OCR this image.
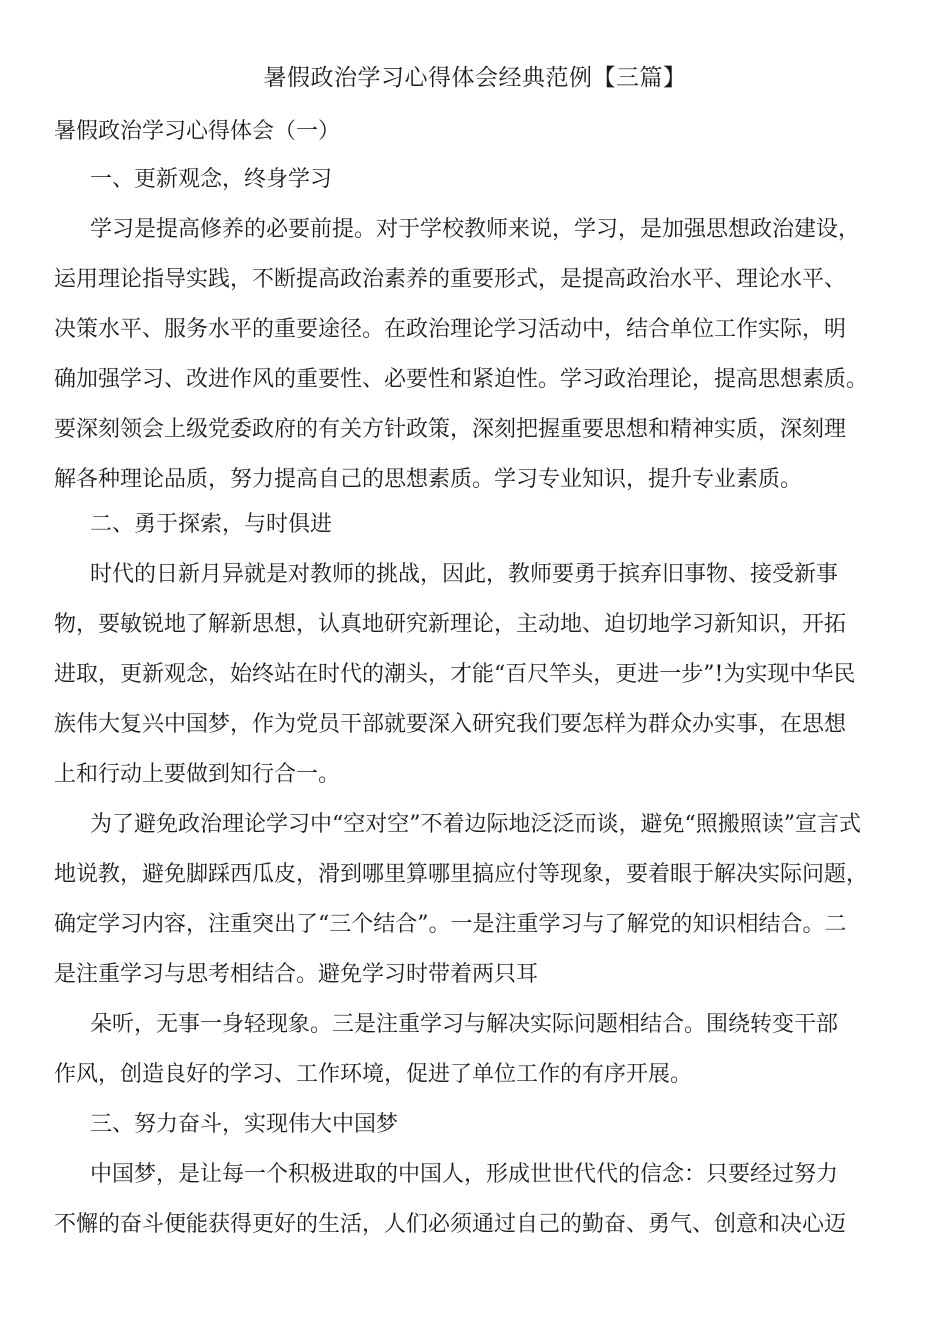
暑假政治学习心得体会经典范例【三篇】

暑假政治学习心得体会（一）

一、更新观念，终身学习

学习是提高修养的必要前提。对于学校教师来说，学习，是加强思想政治建设，
运用理论指导实践，不断提高政治素养的重要形式，是提高政治水平、理论水平、
决策水平、服务水平的重要途径。在政治理论学习活动中，结合单位工作实际，明
确加强学习、改进作风的重要性、必要性和紧迫性。学习政治理论，提高思想素质。
要深刻领会上级党委政府的有关方针政策，深刻把握重要思想和精神实质，深刻理
解各种理论品质，努力提高自己的思想素质。学习专业知识，提升专业素质。

二、勇于探索，与时俱进

时代的日新月异就是对教师的挑战，因此，教师要勇于摈弃旧事物、接受新事
物，要敏锐地了解新思想，认真地研究新理论，主动地、迫切地学习新知识，开拓
进取，更新观念，始终站在时代的潮头，才能“百尺竿头，更进一步”!为实现中华民
族伟大复兴中国梦，作为党员干部就要深入研究我们要怎样为群众办实事，在思想
上和行动上要做到知行合一。

为了避免政治理论学习中“空对空”不着边际地泛泛而谈，避免“照搬照读”宣言式
地说教，避免脚踩西瓜皮，滑到哪里算哪里搞应付等现象，要着眼于解决实际问题，
确定学习内容，注重突出了“三个结合”。一是注重学习与了解党的知识相结合。二
是注重学习与思考相结合。避免学习时带着两只耳

朵听，无事一身轻现象。三是注重学习与解决实际问题相结合。围绕转变干部
作风，创造良好的学习、工作环境，促进了单位工作的有序开展。

三、努力奋斗，实现伟大中国梦

中国梦，是让每一个积极进取的中国人，形成世世代代的信念：只要经过努力
不懈的奋斗便能获得更好的生活，人们必须通过自己的勤奋、勇气、创意和决心迈
